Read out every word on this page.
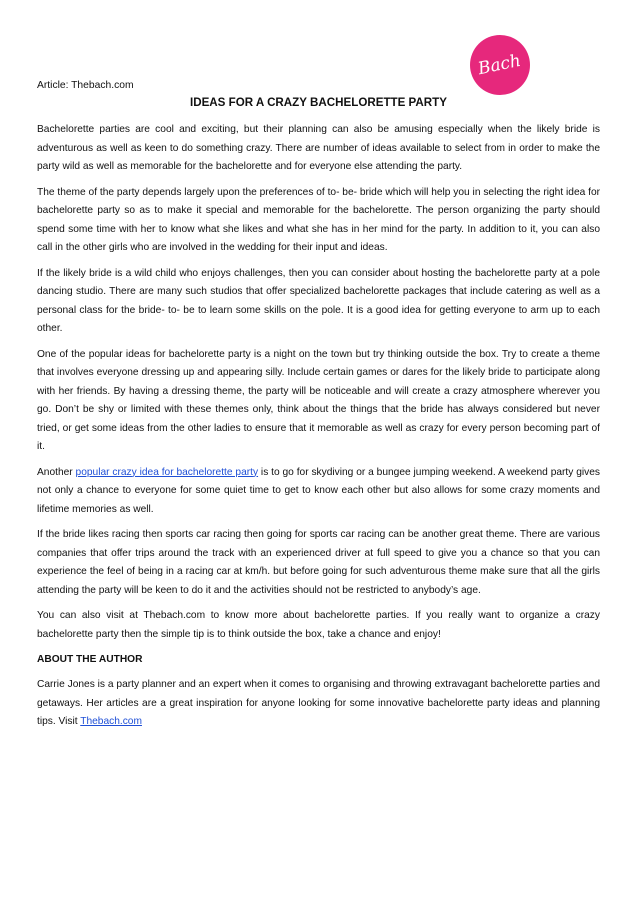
Bach

Article: Thebach.com

IDEAS FOR A CRAZY BACHELORETTE PARTY

Bachelorette parties are cool and exciting, but their planning can also be amusing especially when the likely bride is adventurous as well as keen to do something crazy. There are number of ideas available to select from in order to make the party wild as well as memorable for the bachelorette and for everyone else attending the party.

The theme of the party depends largely upon the preferences of to- be- bride which will help you in selecting the right idea for bachelorette party so as to make it special and memorable for the bachelorette. The person organizing the party should spend some time with her to know what she likes and what she has in her mind for the party. In addition to it, you can also call in the other girls who are involved in the wedding for their input and ideas.

If the likely bride is a wild child who enjoys challenges, then you can consider about hosting the bachelorette party at a pole dancing studio. There are many such studios that offer specialized bachelorette packages that include catering as well as a personal class for the bride- to- be to learn some skills on the pole. It is a good idea for getting everyone to arm up to each other.

One of the popular ideas for bachelorette party is a night on the town but try thinking outside the box. Try to create a theme that involves everyone dressing up and appearing silly. Include certain games or dares for the likely bride to participate along with her friends. By having a dressing theme, the party will be noticeable and will create a crazy atmosphere wherever you go. Don’t be shy or limited with these themes only, think about the things that the bride has always considered but never tried, or get some ideas from the other ladies to ensure that it memorable as well as crazy for every person becoming part of it.

Another popular crazy idea for bachelorette party is to go for skydiving or a bungee jumping weekend. A weekend party gives not only a chance to everyone for some quiet time to get to know each other but also allows for some crazy moments and lifetime memories as well.

If the bride likes racing then sports car racing then going for sports car racing can be another great theme. There are various companies that offer trips around the track with an experienced driver at full speed to give you a chance so that you can experience the feel of being in a racing car at km/h. but before going for such adventurous theme make sure that all the girls attending the party will be keen to do it and the activities should not be restricted to anybody’s age.

You can also visit at Thebach.com to know more about bachelorette parties. If you really want to organize a crazy bachelorette party then the simple tip is to think outside the box, take a chance and enjoy!

ABOUT THE AUTHOR

Carrie Jones is a party planner and an expert when it comes to organising and throwing extravagant bachelorette parties and getaways. Her articles are a great inspiration for anyone looking for some innovative bachelorette party ideas and planning tips. Visit Thebach.com
